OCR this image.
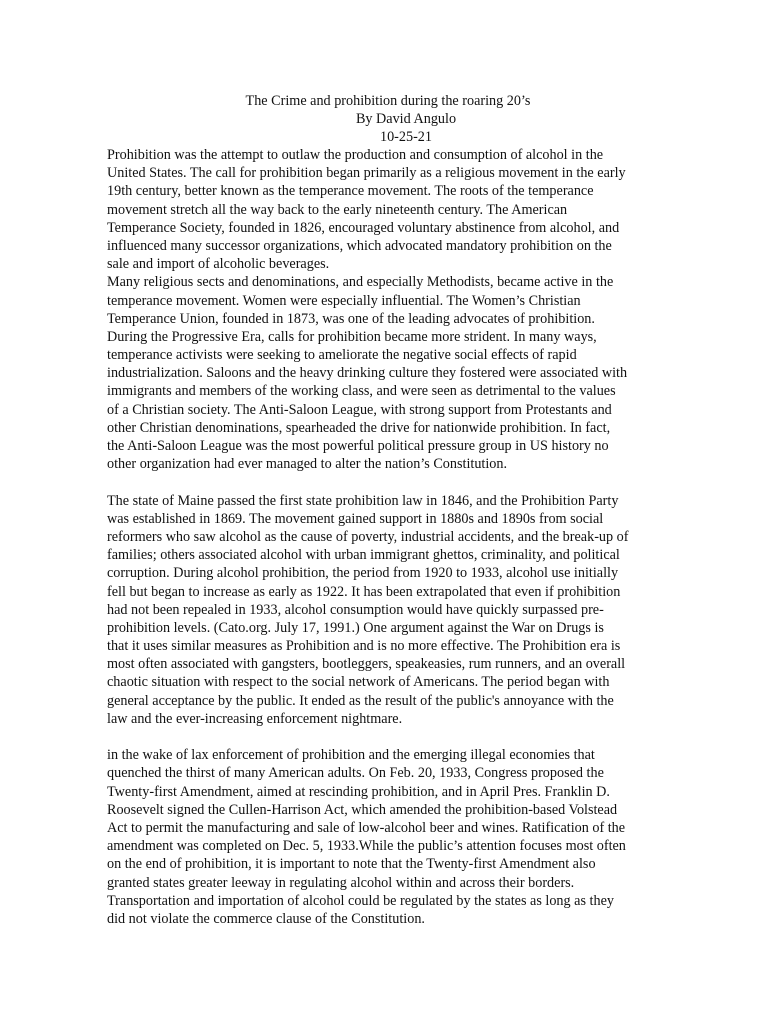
The Crime and prohibition during the roaring 20’s
By David Angulo
10-25-21
Prohibition was the attempt to outlaw the production and consumption of alcohol in the
United States. The call for prohibition began primarily as a religious movement in the early
19th century, better known as the temperance movement. The roots of the temperance
movement stretch all the way back to the early nineteenth century. The American
Temperance Society, founded in 1826, encouraged voluntary abstinence from alcohol, and
influenced many successor organizations, which advocated mandatory prohibition on the
sale and import of alcoholic beverages.
Many religious sects and denominations, and especially Methodists, became active in the
temperance movement. Women were especially influential. The Women’s Christian
Temperance Union, founded in 1873, was one of the leading advocates of prohibition.
During the Progressive Era, calls for prohibition became more strident. In many ways,
temperance activists were seeking to ameliorate the negative social effects of rapid
industrialization. Saloons and the heavy drinking culture they fostered were associated with
immigrants and members of the working class, and were seen as detrimental to the values
of a Christian society. The Anti-Saloon League, with strong support from Protestants and
other Christian denominations, spearheaded the drive for nationwide prohibition. In fact,
the Anti-Saloon League was the most powerful political pressure group in US history no
other organization had ever managed to alter the nation’s Constitution.
The state of Maine passed the first state prohibition law in 1846, and the Prohibition Party
was established in 1869. The movement gained support in 1880s and 1890s from social
reformers who saw alcohol as the cause of poverty, industrial accidents, and the break-up of
families; others associated alcohol with urban immigrant ghettos, criminality, and political
corruption. During alcohol prohibition, the period from 1920 to 1933, alcohol use initially
fell but began to increase as early as 1922. It has been extrapolated that even if prohibition
had not been repealed in 1933, alcohol consumption would have quickly surpassed pre-
prohibition levels. (Cato.org. July 17, 1991.) One argument against the War on Drugs is
that it uses similar measures as Prohibition and is no more effective. The Prohibition era is
most often associated with gangsters, bootleggers, speakeasies, rum runners, and an overall
chaotic situation with respect to the social network of Americans. The period began with
general acceptance by the public. It ended as the result of the public's annoyance with the
law and the ever-increasing enforcement nightmare.
in the wake of lax enforcement of prohibition and the emerging illegal economies that
quenched the thirst of many American adults. On Feb. 20, 1933, Congress proposed the
Twenty-first Amendment, aimed at rescinding prohibition, and in April Pres. Franklin D.
Roosevelt signed the Cullen-Harrison Act, which amended the prohibition-based Volstead
Act to permit the manufacturing and sale of low-alcohol beer and wines. Ratification of the
amendment was completed on Dec. 5, 1933.While the public’s attention focuses most often
on the end of prohibition, it is important to note that the Twenty-first Amendment also
granted states greater leeway in regulating alcohol within and across their borders.
Transportation and importation of alcohol could be regulated by the states as long as they
did not violate the commerce clause of the Constitution.
